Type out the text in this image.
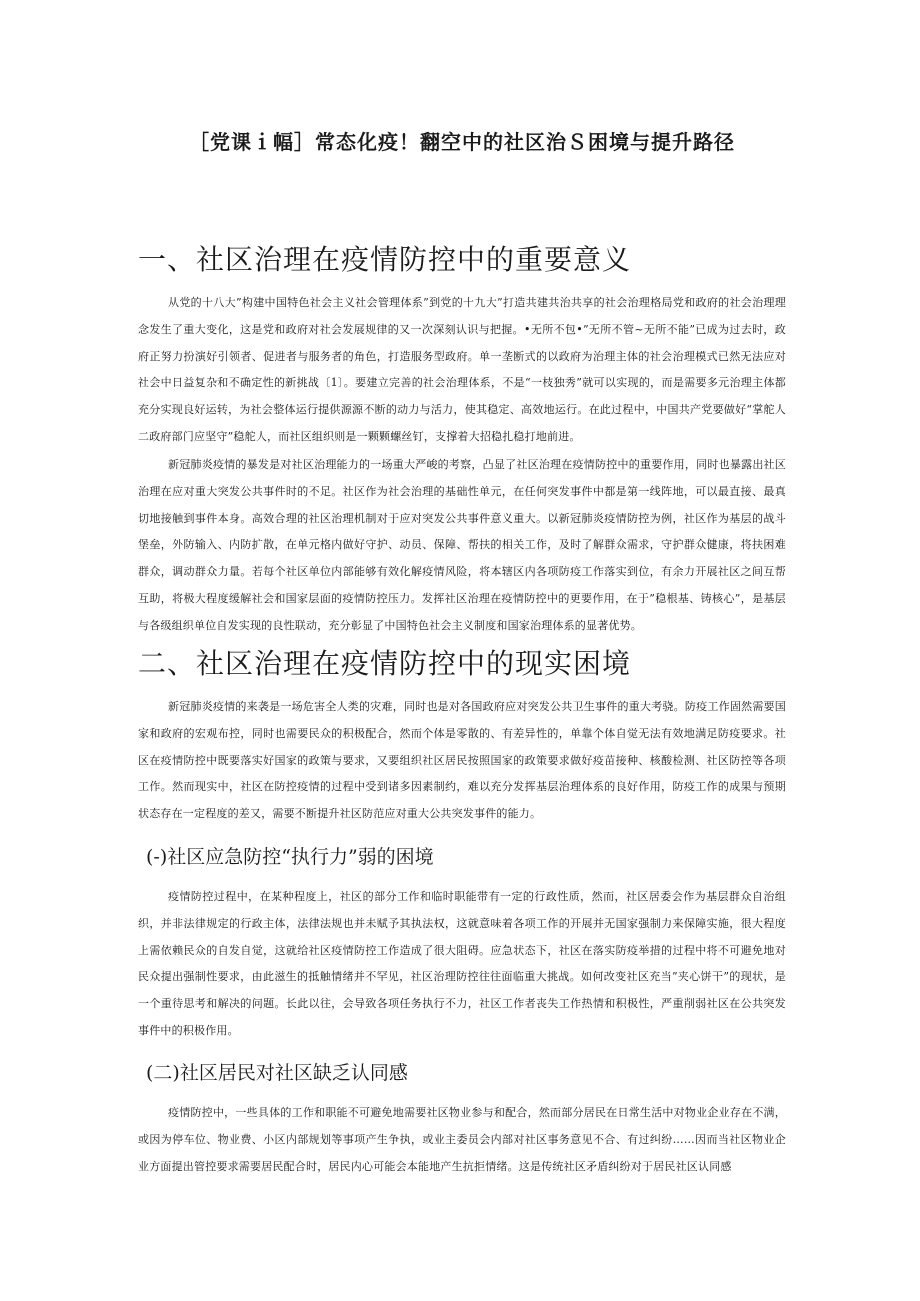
［党课ｉ幅］常态化疫！翻空中的社区治Ｓ困境与提升路径
一、社区治理在疫情防控中的重要意义

从党的十八大”构建中国特色社会主义社会管理体系”到党的十九大”打造共建共治共享的社会治理格局党和政府的社会治理理念发生了重大变化，这是党和政府对社会发展规律的又一次深刻认识与把握。•无所不包•”无所不管~无所不能”已成为过去时，政府正努力扮演好引领者、促进者与服务者的角色，打造服务型政府。单一垄断式的以政府为治理主体的社会治理模式已然无法应对社会中日益复杂和不确定性的新挑战〔1〕。要建立完善的社会治理体系，不是“一枝独秀”就可以实现的，而是需要多元治理主体都充分实现良好运转，为社会整体运行提供源源不断的动力与活力，使其稳定、高效地运行。在此过程中，中国共产党要做好“掌舵人二政府部门应坚守”稳舵人，而社区组织则是一颗颗螺丝钉，支撑着大招稳扎稳打地前进。

新冠肺炎疫情的暴发是对社区治理能力的一场重大严峻的考察，凸显了社区治理在疫情防控中的重要作用，同时也暴露出社区治理在应对重大突发公共事件时的不足。社区作为社会治理的基础性单元，在任何突发事件中都是第一线阵地，可以最直接、最真切地接触到事件本身。高效合理的社区治理机制对于应对突发公共事件意义重大。以新冠肺炎疫情防控为例，社区作为基层的战斗堡垒，外防输入、内防扩散，在单元格内做好守护、动员、保障、帮扶的相关工作，及时了解群众需求，守护群众健康，将扶困难群众，调动群众力量。若每个社区单位内部能够有效化解疫情风险，将本辖区内各项防疫工作落实到位，有余力开展社区之间互帮互助，将极大程度缓解社会和国家层面的疫情防控压力。发挥社区治理在疫情防控中的更要作用，在于”稳根基、铸核心”，是基层与各级组织单位自发实现的良性联动，充分彰显了中国特色社会主义制度和国家治理体系的显著优势。

二、社区治理在疫情防控中的现实困境

新冠肺炎疫情的来袭是一场危害全人类的灾难，同时也是对各国政府应对突发公共卫生事件的重大考骁。防疫工作固然需要国家和政府的宏观布控，同时也需要民众的积极配合，然而个体是零散的、有差异性的，单靠个体自觉无法有效地满足防疫要求。社区在疫情防控中既要落实好国家的政策与要求，又要组织社区居民按照国家的政策要求做好疫苗接种、核酸检测、社区防控等各项工作。然而现实中，社区在防控疫情的过程中受到诸多因素制约，难以充分发挥基层治理体系的良好作用，防疫工作的成果与预期状态存在一定程度的差又，需要不断提升社区防范应对重大公共突发事件的能力。

(-)社区应急防控“执行力”弱的困境

疫情防控过程中，在某种程度上，社区的部分工作和临时职能带有一定的行政性质，然而，社区居委会作为基层群众自治组织，并非法律规定的行政主体，法律法规也并未赋予其执法权，这就意味着各项工作的开展并无国家强制力来保障实施，很大程度上需依赖民众的自发自觉，这就给社区疫情防控工作造成了很大阻碍。应急状态下，社区在落实防疫举措的过程中将不可避免地对民众提出强制性要求，由此滋生的抵触情绪并不罕见，社区治理防控往往面临重大挑战。如何改变社区充当”夹心饼干”的现状，是一个重待思考和解决的问题。长此以往，会导致各项任务执行不力，社区工作者丧失工作热情和积极性，严重削弱社区在公共突发事件中的积极作用。

(二)社区居民对社区缺乏认同感

疫情防控中，一些具体的工作和职能不可避免地需要社区物业参与和配合，然而部分居民在日常生活中对物业企业存在不满，或因为停车位、物业费、小区内部规划等事项产生争执，或业主委员会内部对社区事务意见不合、有过纠纷……因而当社区物业企业方面提出管控要求需要居民配合时，居民内心可能会本能地产生抗拒情绪。这是传统社区矛盾纠纷对于居民社区认同感
